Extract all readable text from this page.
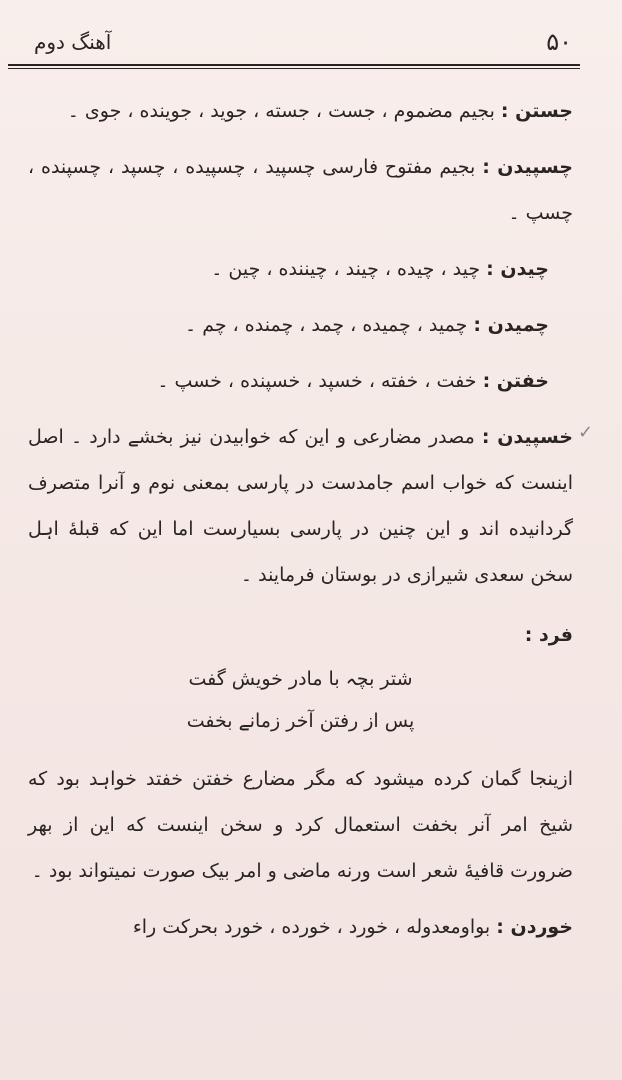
آهنگ دوم	۵۰

جستن : بجیم مضموم ، جست ، جسته ، جوید ، جوینده ، جوی ۔

چسپیدن : بجیم مفتوح فارسی چسپید ، چسپیده ، چسپد ، چسپنده ، چسپ ۔

چیدن : چید ، چیده ، چیند ، چیننده ، چین ۔

چمیدن : چمید ، چمیده ، چمد ، چمنده ، چم ۔

خفتن : خفت ، خفته ، خسپد ، خسپنده ، خسپ ۔

خسپیدن : مصدر مضارعی و این که خوابیدن نیز بخشے دارد ۔ اصل اینست که خواب اسم جامدست در پارسی بمعنی نوم و آنرا متصرف گردانیده اند و این چنین در پارسی بسیارست اما این که قبلهٔ اہل سخن سعدی شیرازی در بوستان فرمایند ۔

فرد :

شتر بچہ با مادر خویش گفت
پس از رفتن آخر زمانے بخفت

ازینجا گمان کرده میشود که مگر مضارع خفتن خفتد خواہد بود که شیخ امر آنر بخفت استعمال کرد و سخن اینست که این از بهر ضرورت قافیهٔ شعر است ورنه ماضی و امر بیک صورت نمیتواند بود ۔

خوردن : بواومعدوله ، خورد ، خورده ، خورد بحرکت راء

✓
